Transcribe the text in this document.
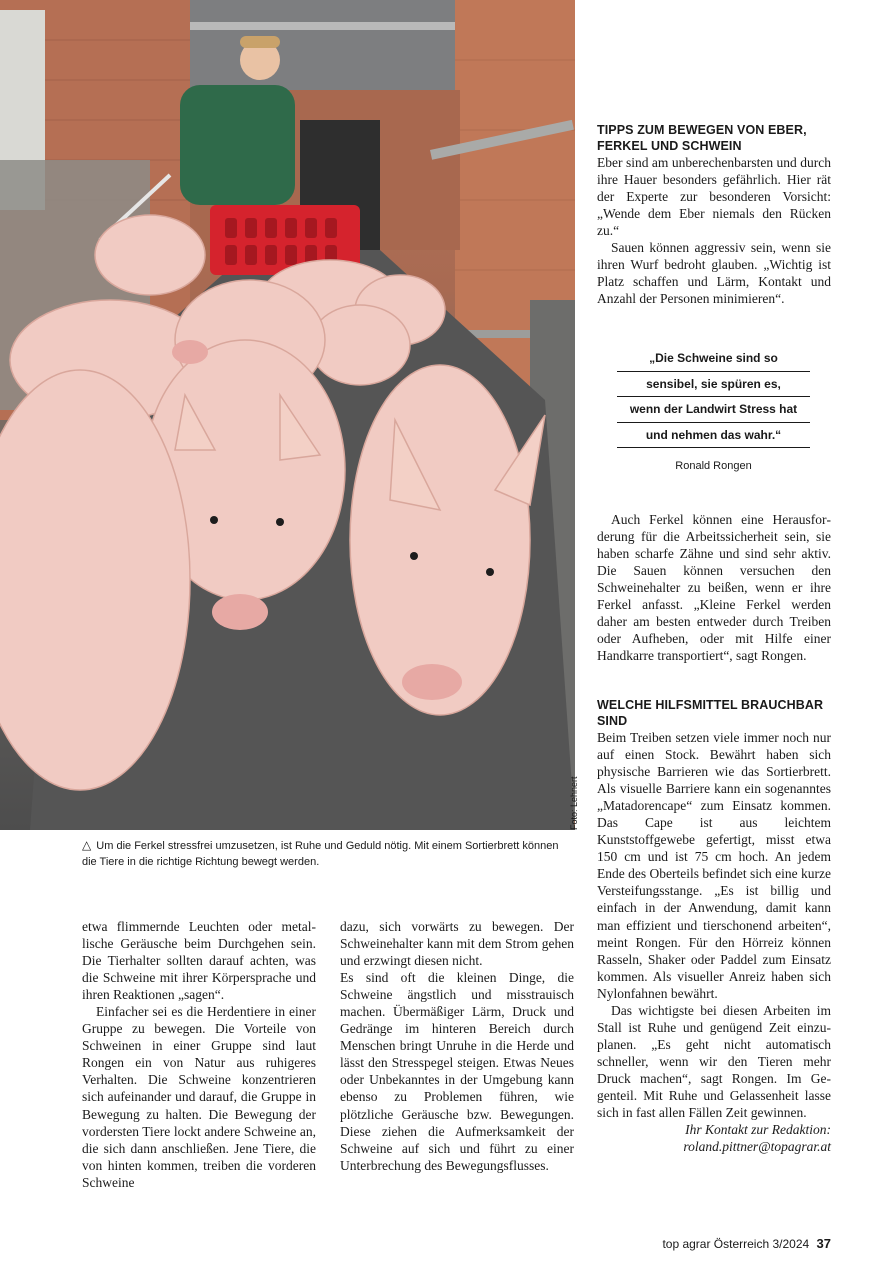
Foto: Lehnert
△ Um die Ferkel stressfrei umzusetzen, ist Ruhe und Geduld nötig. Mit einem Sortierbrett können die Tiere in die richtige Richtung bewegt werden.

etwa flimmernde Leuchten oder metallische Geräusche beim Durchgehen sein. Die Tierhalter sollten darauf achten, was die Schweine mit ihrer Körpersprache und ihren Reaktionen „sagen“.

Einfacher sei es die Herdentiere in einer Gruppe zu bewegen. Die Vorteile von Schweinen in einer Gruppe sind laut Rongen ein von Natur aus ruhigeres Verhalten. Die Schweine konzentrieren sich aufeinander und darauf, die Gruppe in Bewegung zu halten. Die Bewegung der vordersten Tiere lockt andere Schweine an, die sich dann anschließen. Jene Tiere, die von hinten kommen, treiben die vorderen Schweine

dazu, sich vorwärts zu bewegen. Der Schweinehalter kann mit dem Strom gehen und erzwingt diesen nicht.

Es sind oft die kleinen Dinge, die Schweine ängstlich und misstrauisch machen. Übermäßiger Lärm, Druck und Gedränge im hinteren Bereich durch Menschen bringt Unruhe in die Herde und lässt den Stresspegel steigen. Etwas Neues oder Unbekanntes in der Umgebung kann ebenso zu Problemen führen, wie plötzliche Geräusche bzw. Bewegungen. Diese ziehen die Aufmerksamkeit der Schweine auf sich und führt zu einer Unterbrechung des Bewegungsflusses.

TIPPS ZUM BEWEGEN VON EBER, FERKEL UND SCHWEIN

Eber sind am unberechenbarsten und durch ihre Hauer besonders gefährlich. Hier rät der Experte zur besonderen Vorsicht: „Wende dem Eber niemals den Rücken zu.“

Sauen können aggressiv sein, wenn sie ihren Wurf bedroht glauben. „Wichtig ist Platz schaffen und Lärm, Kontakt und Anzahl der Personen minimieren“.

„Die Schweine sind so
sensibel, sie spüren es,
wenn der Landwirt Stress hat
und nehmen das wahr.“
Ronald Rongen

Auch Ferkel können eine Herausforderung für die Arbeitssicherheit sein, sie haben scharfe Zähne und sind sehr aktiv. Die Sauen können versuchen den Schweinehalter zu beißen, wenn er ihre Ferkel anfasst. „Kleine Ferkel werden daher am besten entweder durch Treiben oder Aufheben, oder mit Hilfe einer Handkarre transportiert“, sagt Rongen.

WELCHE HILFSMITTEL BRAUCHBAR SIND

Beim Treiben setzen viele immer noch nur auf einen Stock. Bewährt haben sich physische Barrieren wie das Sortierbrett. Als visuelle Barriere kann ein sogenanntes „Matadorencape“ zum Einsatz kommen. Das Cape ist aus leichtem Kunststoffgewebe gefertigt, misst etwa 150 cm und ist 75 cm hoch. An jedem Ende des Oberteils befindet sich eine kurze Versteifungsstange. „Es ist billig und einfach in der Anwendung, damit kann man effizient und tierschonend arbeiten“, meint Rongen. Für den Hörreiz können Rasseln, Shaker oder Paddel zum Einsatz kommen. Als visueller Anreiz haben sich Nylonfahnen bewährt.

Das wichtigste bei diesen Arbeiten im Stall ist Ruhe und genügend Zeit einzuplanen. „Es geht nicht automatisch schneller, wenn wir den Tieren mehr Druck machen“, sagt Rongen. Im Gegenteil. Mit Ruhe und Gelassenheit lasse sich in fast allen Fällen Zeit gewinnen.

Ihr Kontakt zur Redaktion:
roland.pittner@topagrar.at
top agrar Österreich 3/2024 37
